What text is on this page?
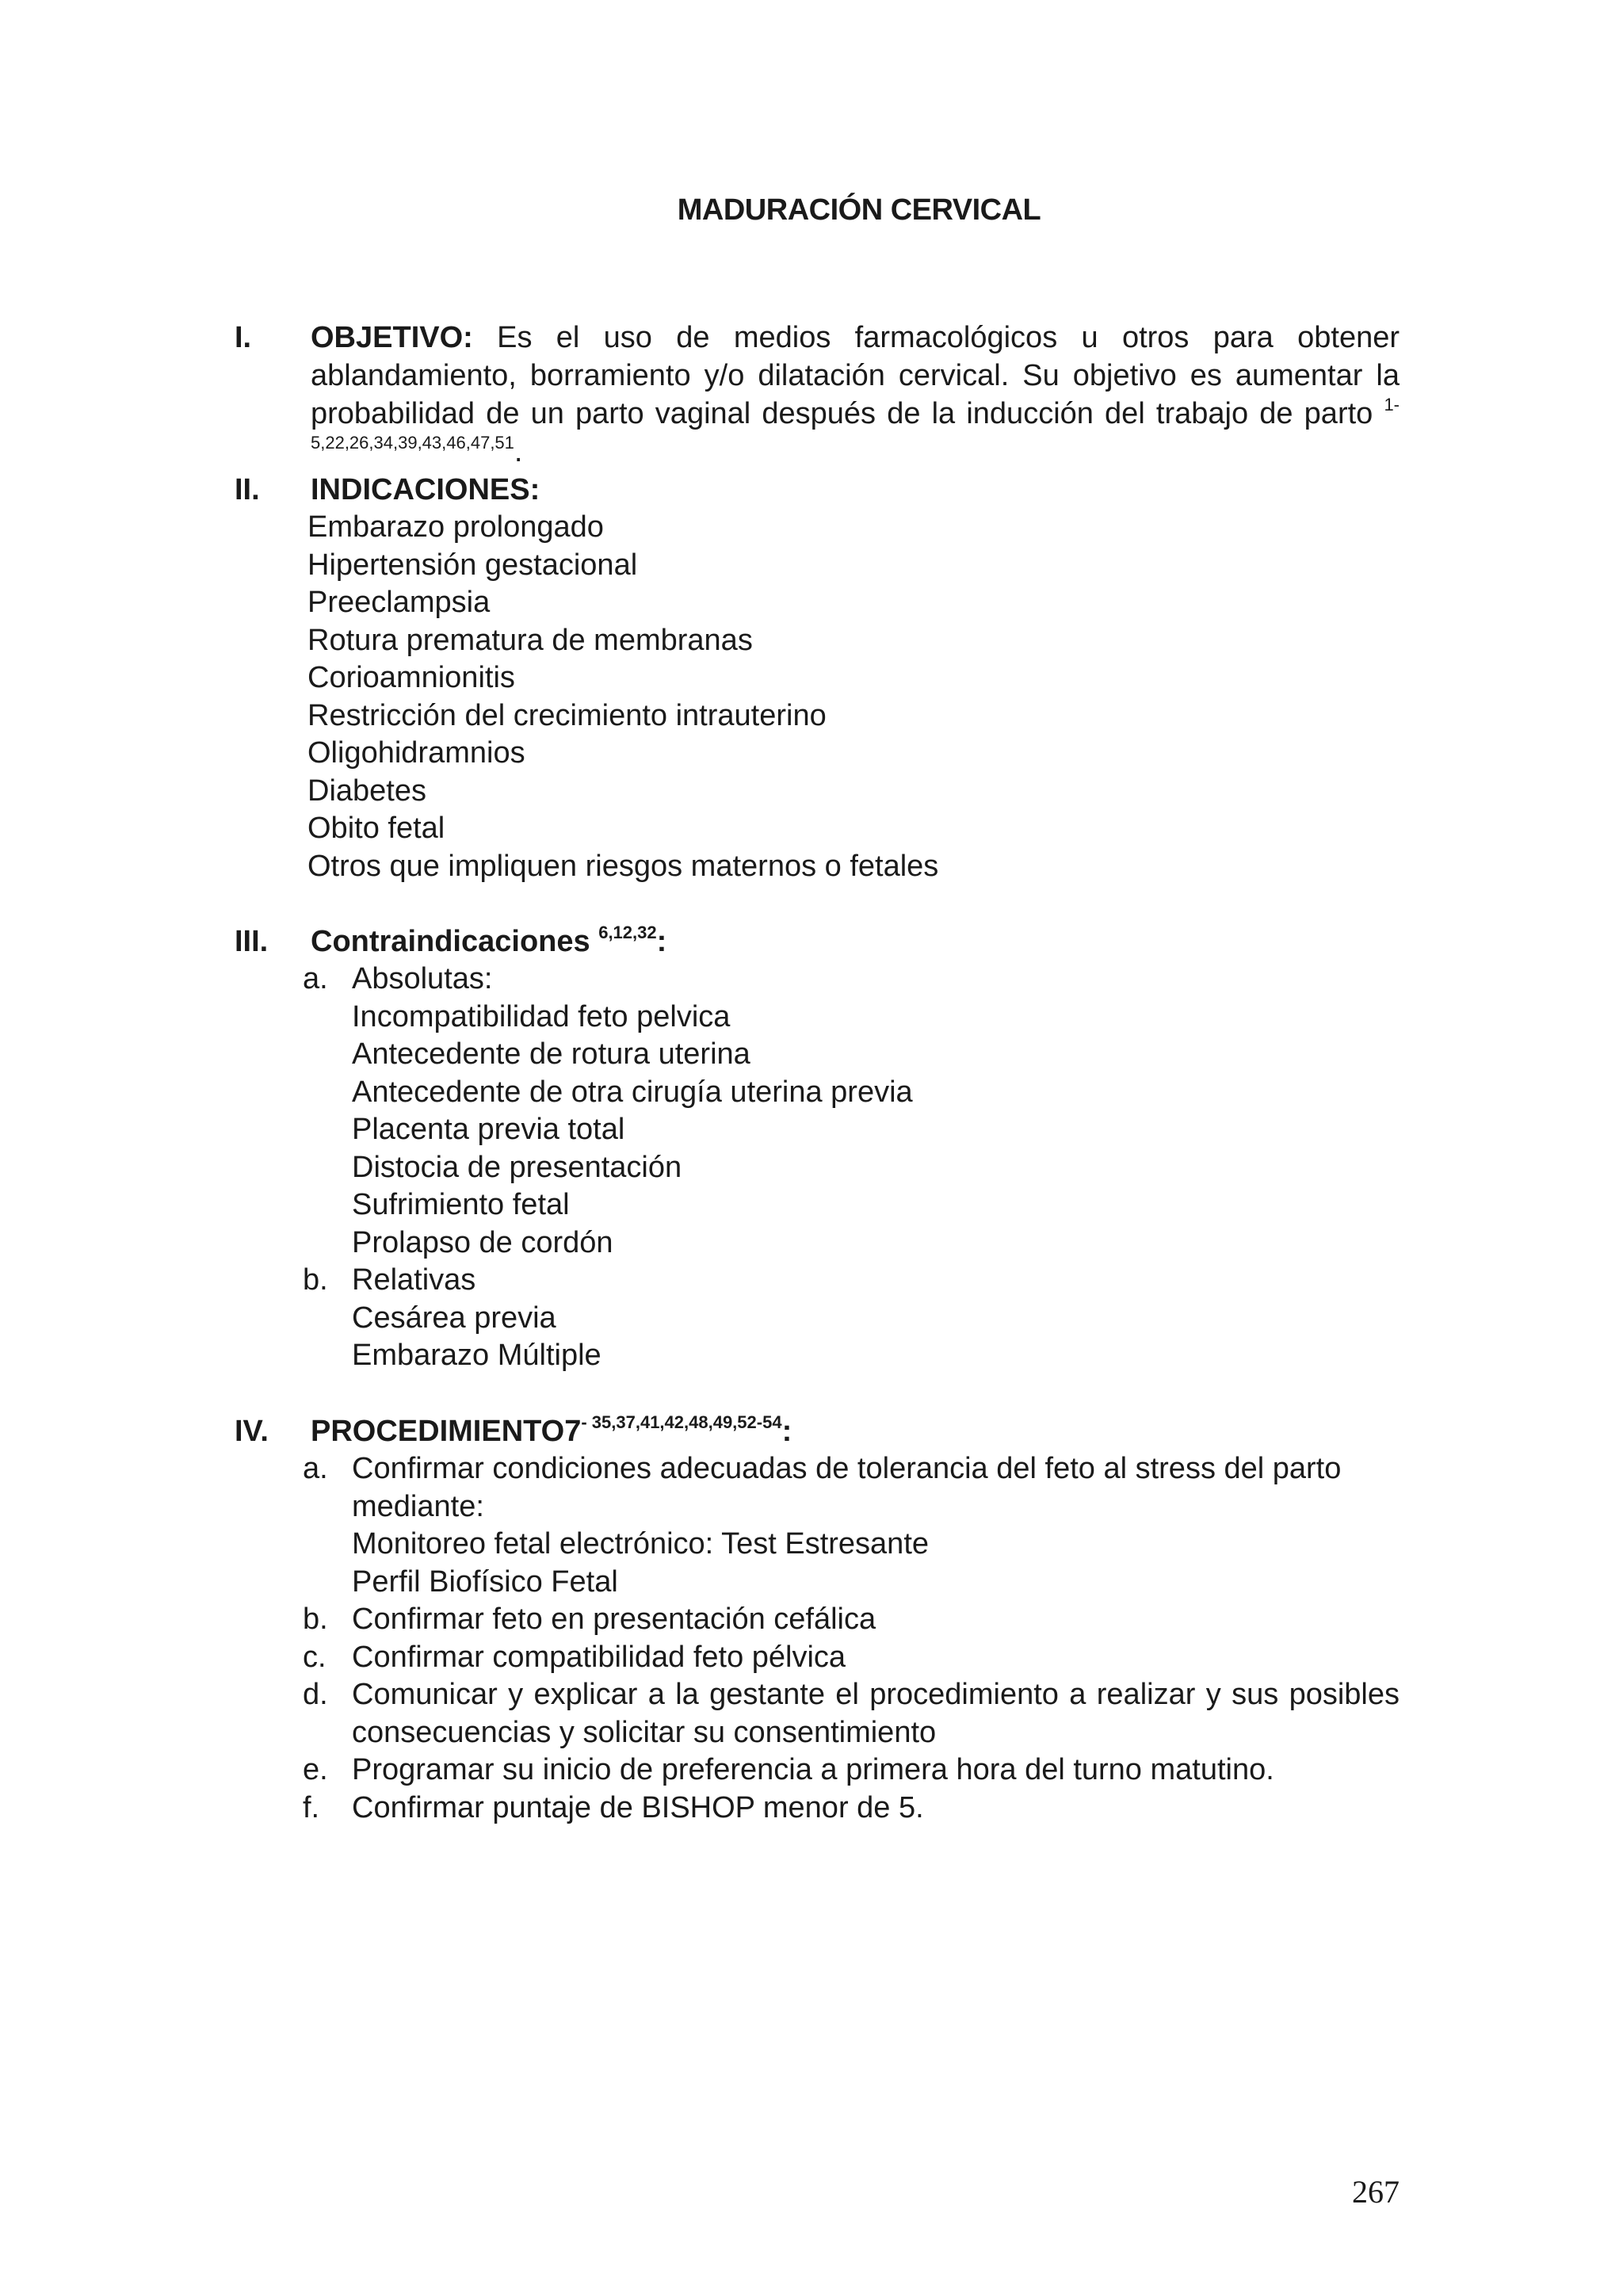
MADURACIÓN CERVICAL
I. OBJETIVO: Es el uso de medios farmacológicos u otros para obtener ablandamiento, borramiento y/o dilatación cervical. Su objetivo es aumentar la probabilidad de un parto vaginal después de la inducción del trabajo de parto $^{1-5,22,26,34,39,43,46,47,51}$.
II. INDICACIONES:
Embarazo prolongado
Hipertensión gestacional
Preeclampsia
Rotura prematura de membranas
Corioamnionitis
Restricción del crecimiento intrauterino
Oligohidramnios
Diabetes
Obito fetal
Otros que impliquen riesgos maternos o fetales
III. Contraindicaciones $^{6,12,32}$:
a. Absolutas:
Incompatibilidad feto pelvica
Antecedente de rotura uterina
Antecedente de otra cirugía uterina previa
Placenta previa total
Distocia de presentación
Sufrimiento fetal
Prolapso de cordón
b. Relativas
Cesárea previa
Embarazo Múltiple
IV. $PROCEDIMIENTO7^{- 35,37,41,42,48,49,52-54}$:
a. Confirmar condiciones adecuadas de tolerancia del feto al stress del parto mediante:
Monitoreo fetal electrónico: Test Estresante
Perfil Biofísico Fetal
b. Confirmar feto en presentación cefálica
c. Confirmar compatibilidad feto pélvica
d. Comunicar y explicar a la gestante el procedimiento a realizar y sus posibles consecuencias y solicitar su consentimiento
e. Programar su inicio de preferencia a primera hora del turno matutino.
f. Confirmar puntaje de BISHOP menor de 5.
267
